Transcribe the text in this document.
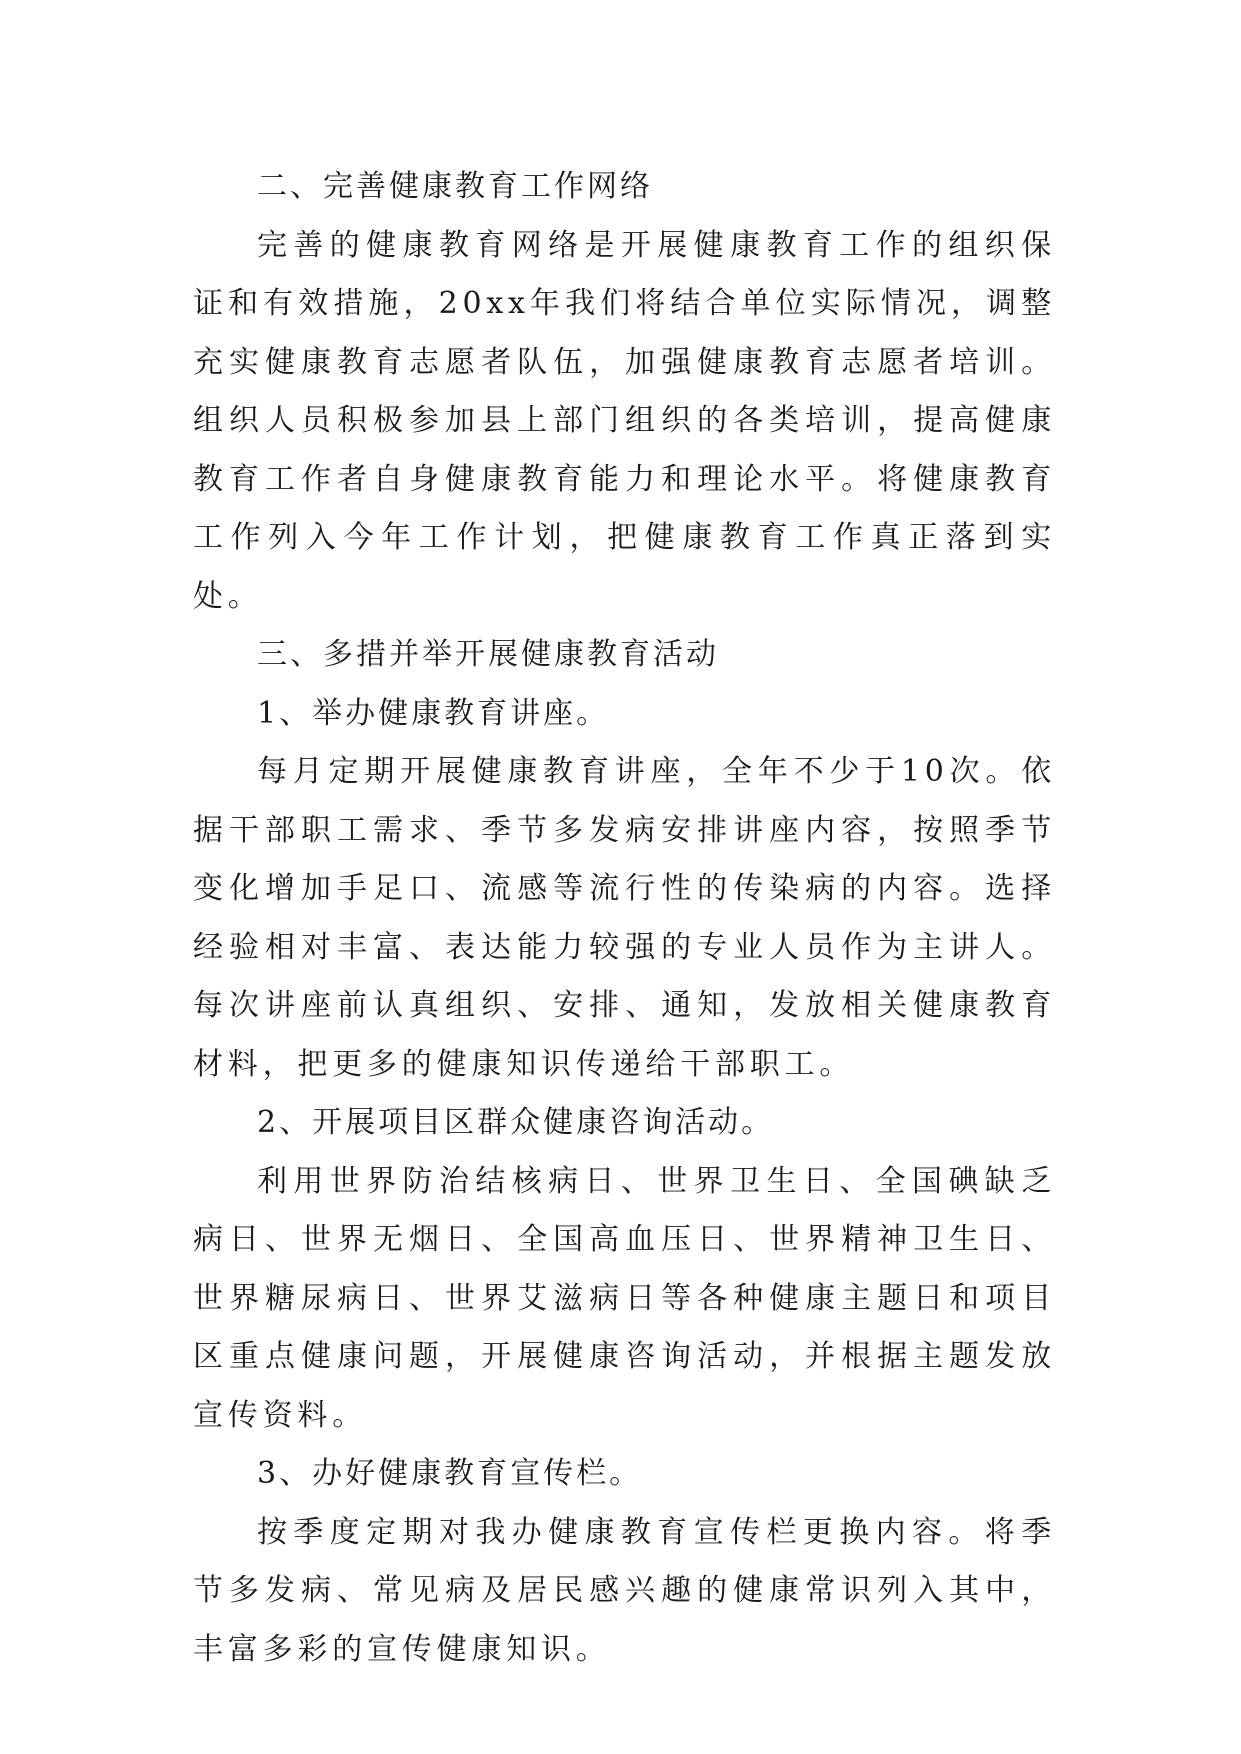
二、完善健康教育工作网络

完善的健康教育网络是开展健康教育工作的组织保证和有效措施，20xx年我们将结合单位实际情况，调整充实健康教育志愿者队伍，加强健康教育志愿者培训。组织人员积极参加县上部门组织的各类培训，提高健康教育工作者自身健康教育能力和理论水平。将健康教育工作列入今年工作计划，把健康教育工作真正落到实处。

三、多措并举开展健康教育活动

1、举办健康教育讲座。

每月定期开展健康教育讲座，全年不少于10次。依据干部职工需求、季节多发病安排讲座内容，按照季节变化增加手足口、流感等流行性的传染病的内容。选择经验相对丰富、表达能力较强的专业人员作为主讲人。每次讲座前认真组织、安排、通知，发放相关健康教育材料，把更多的健康知识传递给干部职工。

2、开展项目区群众健康咨询活动。

利用世界防治结核病日、世界卫生日、全国碘缺乏病日、世界无烟日、全国高血压日、世界精神卫生日、世界糖尿病日、世界艾滋病日等各种健康主题日和项目区重点健康问题，开展健康咨询活动，并根据主题发放宣传资料。

3、办好健康教育宣传栏。

按季度定期对我办健康教育宣传栏更换内容。将季节多发病、常见病及居民感兴趣的健康常识列入其中，丰富多彩的宣传健康知识。
